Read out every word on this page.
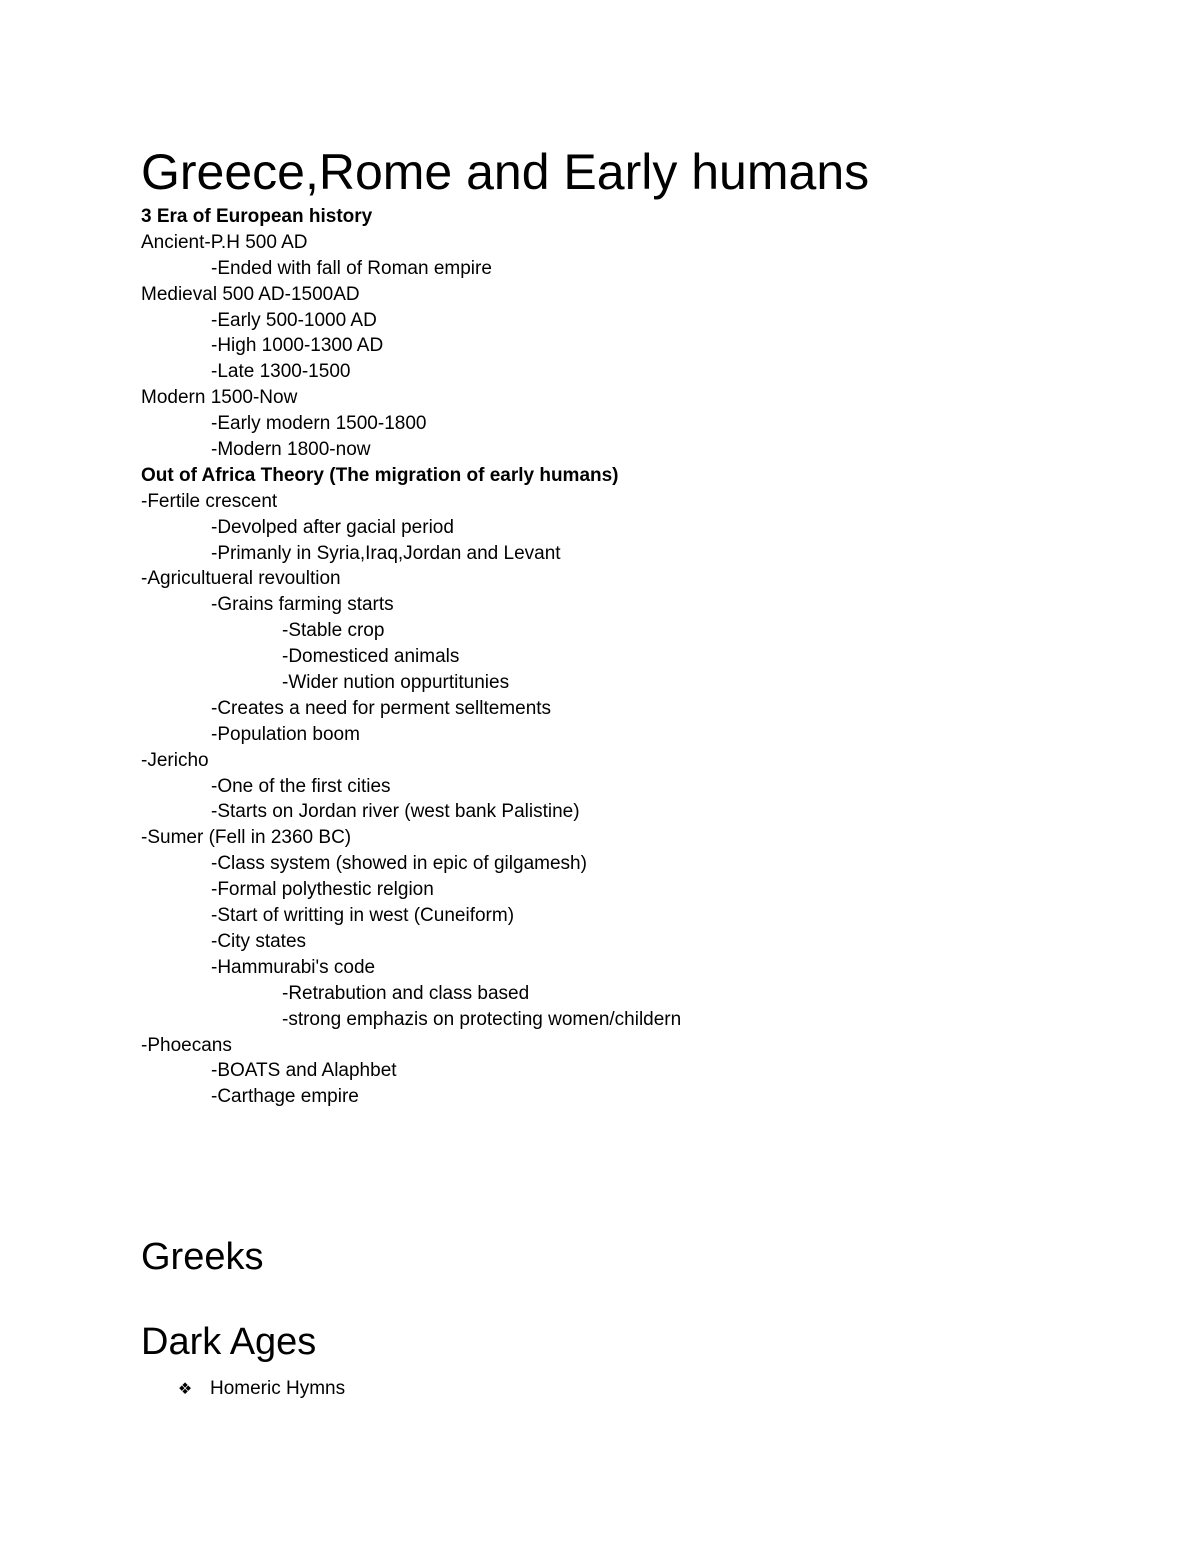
Greece,Rome and Early humans
3 Era of European history
Ancient-P.H 500 AD
-Ended with fall of Roman empire
Medieval 500 AD-1500AD
-Early 500-1000 AD
-High 1000-1300 AD
-Late 1300-1500
Modern 1500-Now
-Early modern 1500-1800
-Modern 1800-now
Out of Africa Theory (The migration of early humans)
-Fertile crescent
-Devolped after gacial period
-Primanly in Syria,Iraq,Jordan and Levant
-Agricultueral revoultion
-Grains farming starts
-Stable crop
-Domesticed animals
-Wider nution oppurtitunies
-Creates a need for perment selltements
-Population boom
-Jericho
-One of the first cities
-Starts on Jordan river (west bank Palistine)
-Sumer (Fell in 2360 BC)
-Class system (showed in epic of gilgamesh)
-Formal polythestic relgion
-Start of writting in west (Cuneiform)
-City states
-Hammurabi's code
-Retrabution and class based
-strong emphazis on protecting women/childern
-Phoecans
-BOATS and Alaphbet
-Carthage empire
Greeks
Dark Ages
❖ Homeric Hymns
